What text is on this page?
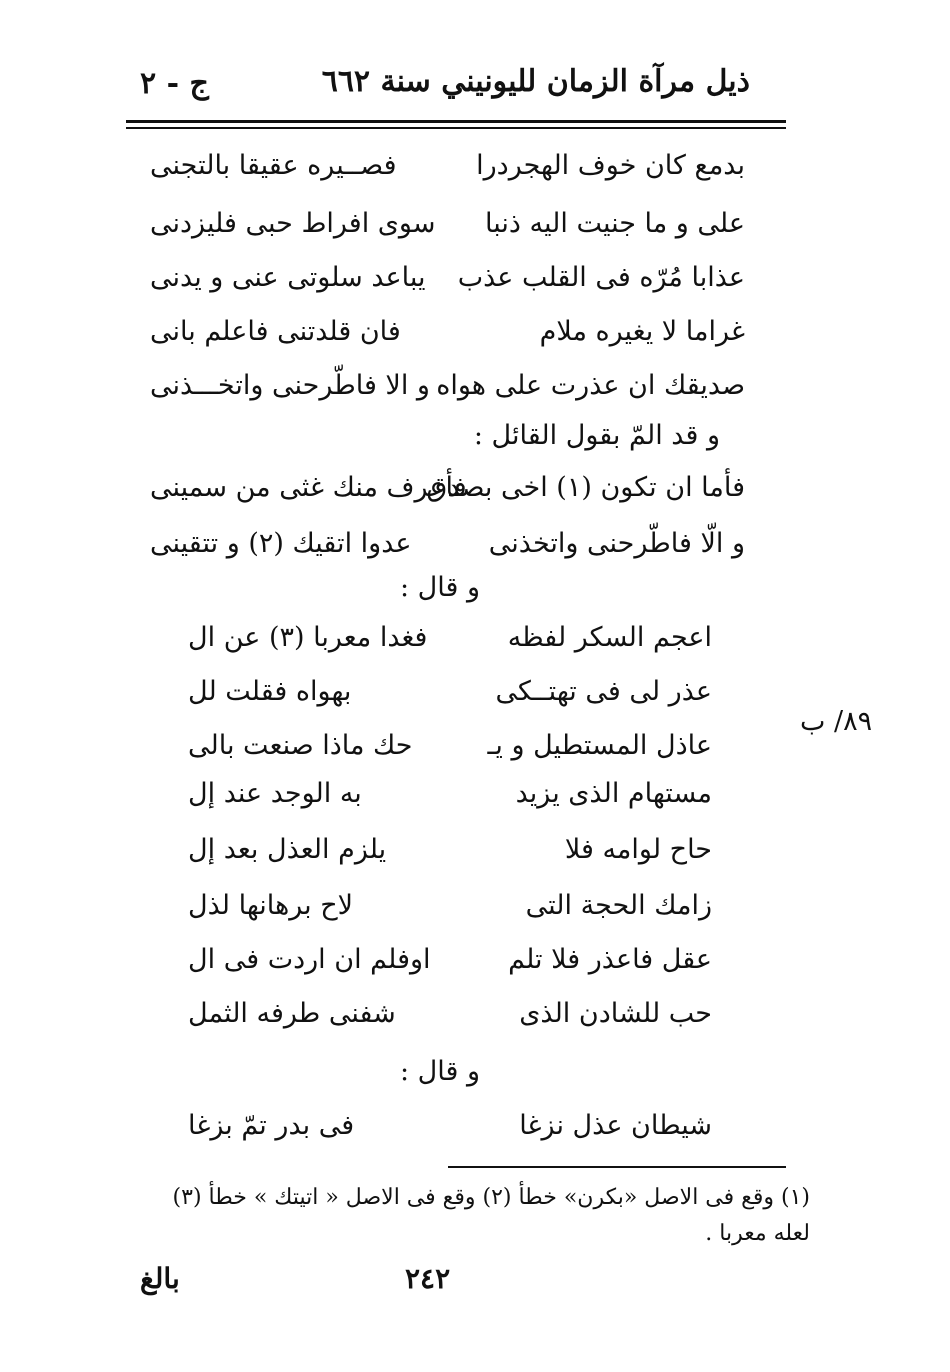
ذيل مرآة الزمان لليونيني سنة ٦٦٢
ج - ٢
بدمع كان خوف الهجردرا
فصــيره عقيقا بالتجنى
على و ما جنيت اليه ذنبا
سوى افراط حبى فليزدنى
عذابا مُرّه فى القلب عذب
يباعد سلوتى عنى و يدنى
غراما لا يغيره ملام
فان قلدتنى فاعلم بانى
صديقك ان عذرت على هواه
و الا فاطّرحنى واتخـــذنى
و قد المّ بقول القائل :
فأما ان تكون (١) اخى بصدق
فأعرف منك غثى من سمينى
و الّا فاطّرحنى واتخذنى
عدوا اتقيك (٢) و تتقينى
و قال :
٨٩/ ب
اعجم السكر لفظه
فغدا معربا (٣) عن ال
عذر لى فى تهتــكى
بهواه فقلت لل
عاذل المستطيل و يـ
حك ماذا صنعت بالى
مستهام الذى يزيد
به الوجد عند إل
حاح لوامه فلا
يلزم العذل بعد إل
زامك الحجة التى
لاح برهانها لذل
عقل فاعذر فلا تلم
اوفلم ان اردت فى ال
حب للشادن الذى
شفنى طرفه الثمل
و قال :
شيطان عذل نزغا
فى بدر تمّ بزغا
(١) وقع فى الاصل «بكرن» خطأ (٢) وقع فى الاصل « اتيتك » خطأ (٣) لعله معربا .
٢٤٢
بالغ
